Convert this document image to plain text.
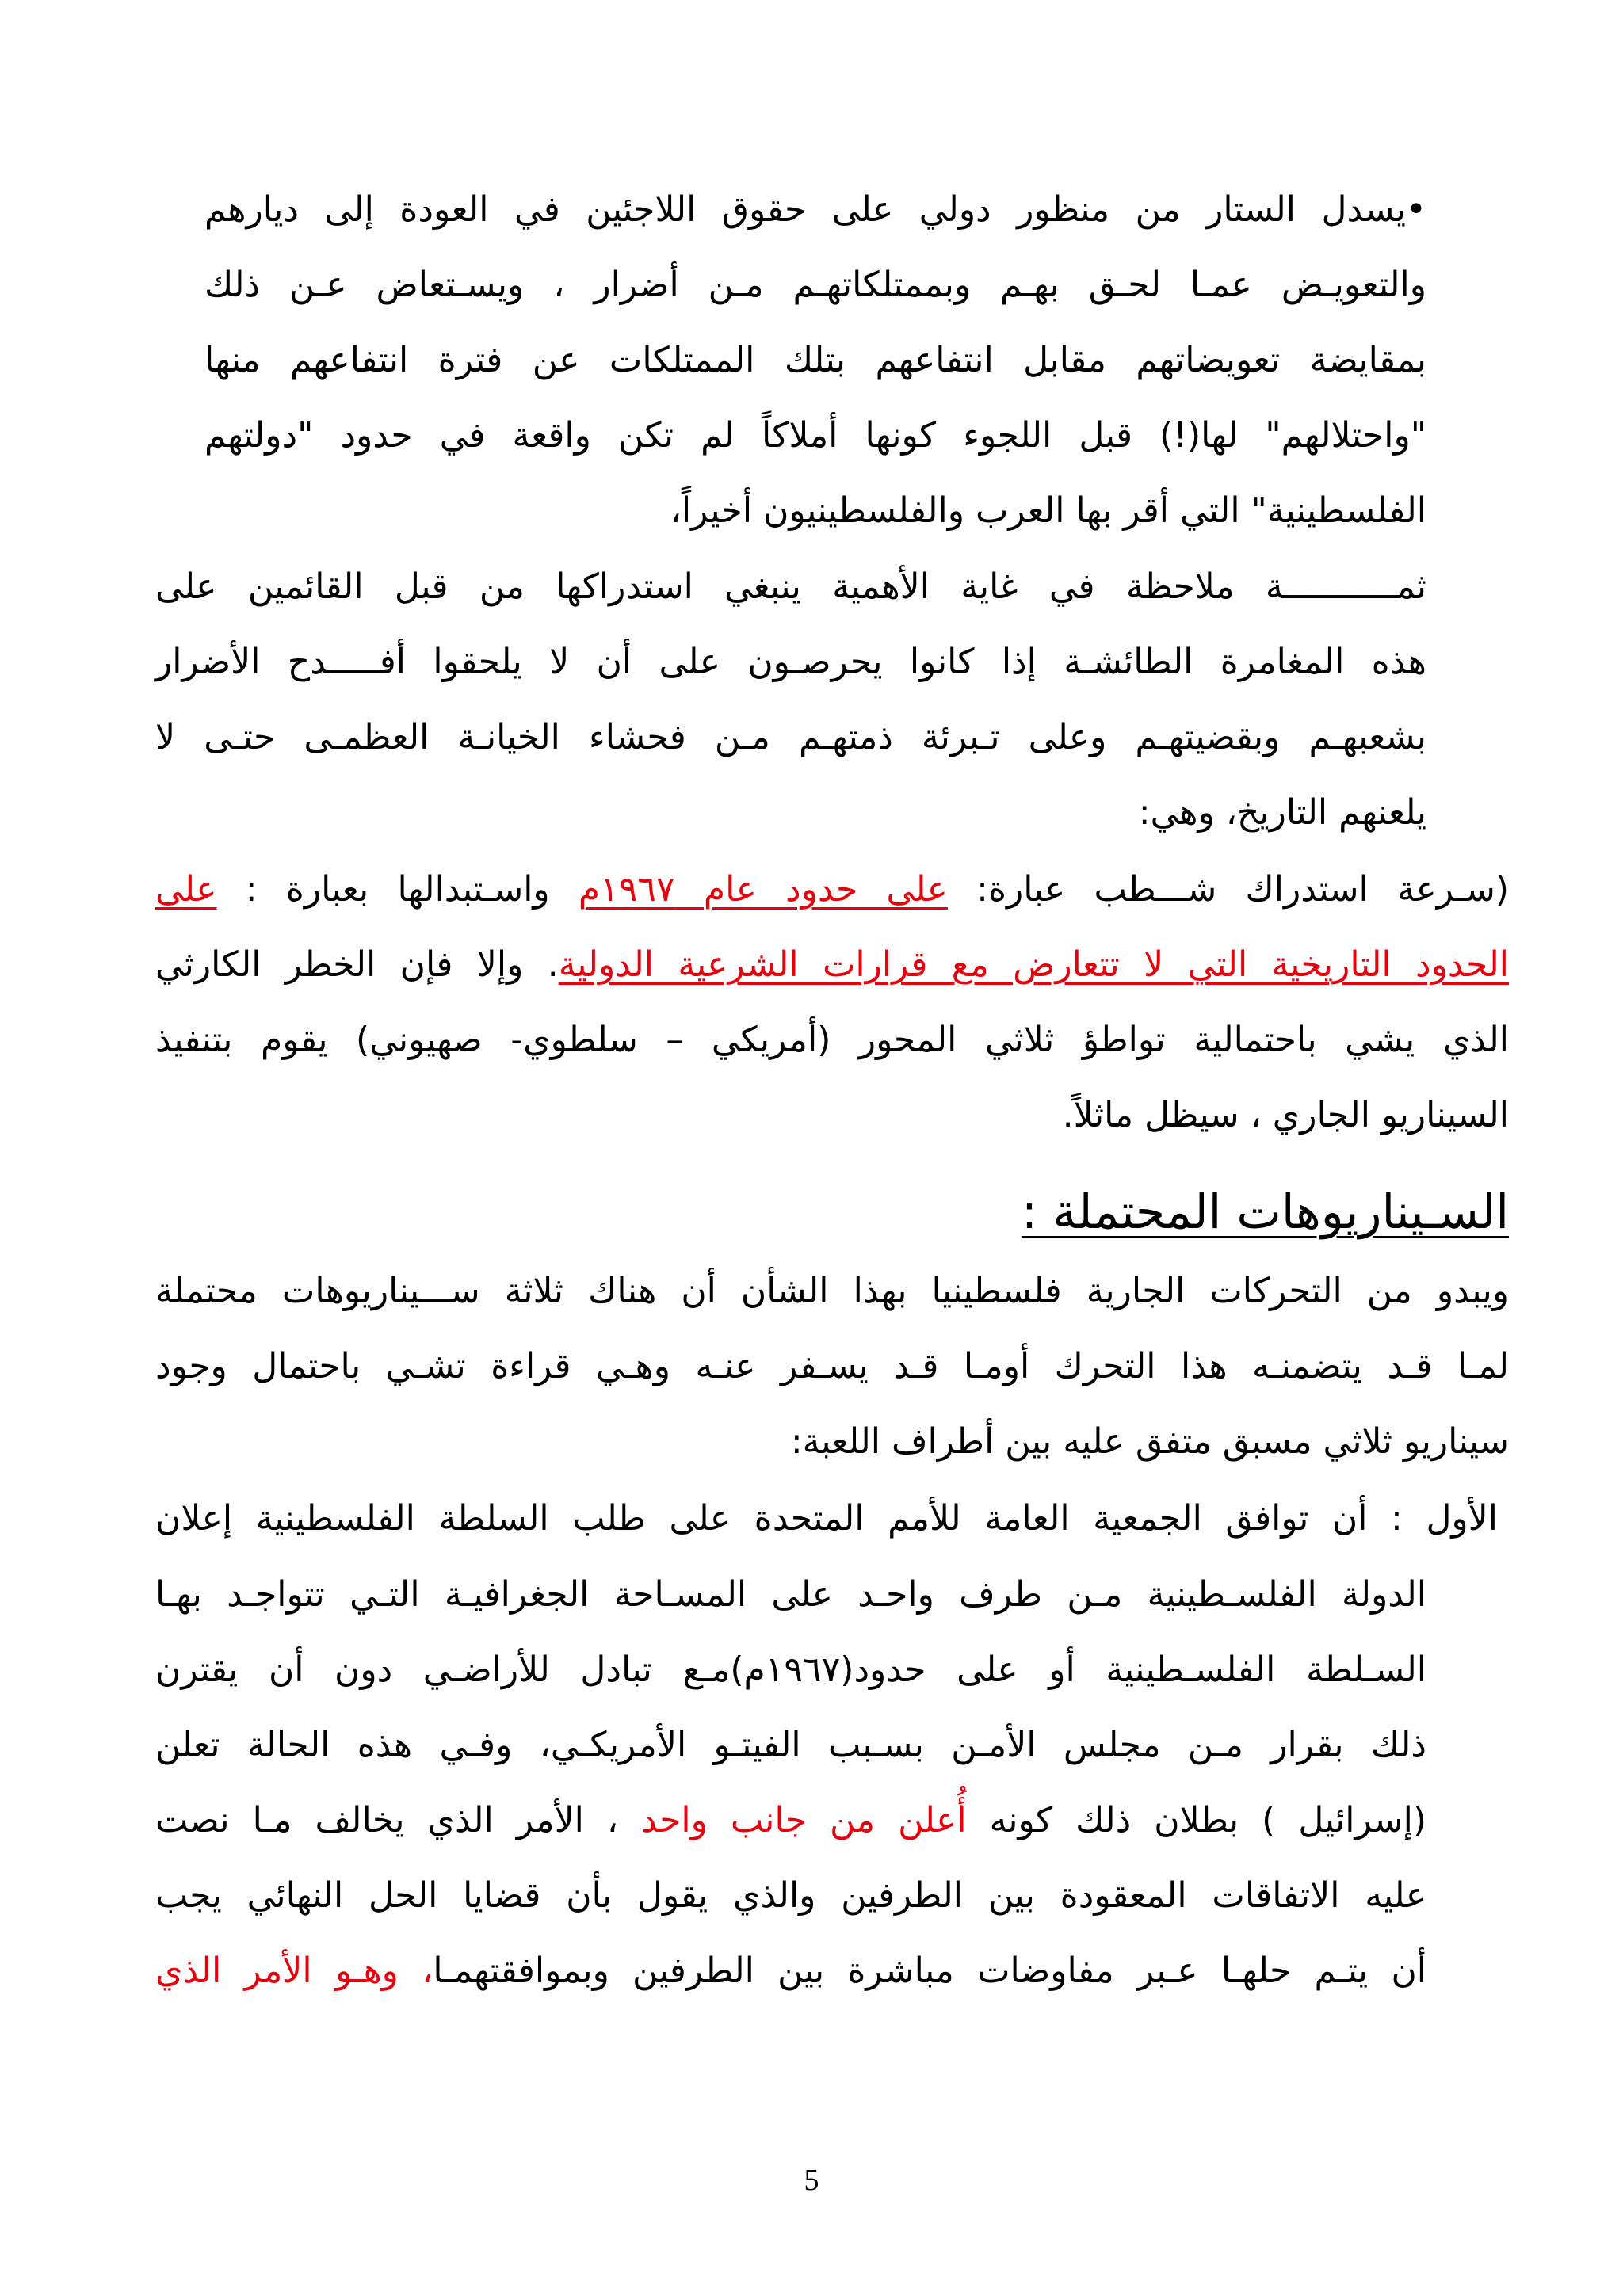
•يسدل الستار من منظور دولي على حقوق اللاجئين في العودة إلى ديارهم
والتعويـض عمـا لحـق بهـم وبممتلكاتهـم مـن أضرار ، ويسـتعاض عـن ذلك
بمقايضة تعويضاتهم مقابل انتفاعهم بتلك الممتلكات عن فترة انتفاعهم منها
"واحتلالهم" لها(!) قبل اللجوء كونها أملاكاً لم تكن واقعة في حدود "دولتهم
الفلسطينية" التي أقر بها العرب والفلسطينيون أخيراً،
ثمـــــــــــة ملاحظة في غاية الأهمية ينبغي استدراكها من قبل القائمين على
هذه المغامرة الطائشـة إذا كانوا يحرصـون على أن لا يلحقوا أفـــــدح الأضرار
بشعبهـم وبقضيتهـم وعلى تـبرئة ذمتهـم مـن فحشاء الخيانـة العظمـى حتـى لا
يلعنهم التاريخ، وهي:
(سـرعة استدراك شـــطب عبارة: على حدود عام ١٩٦٧م واسـتبدالها بعبارة : على
الحدود التاريخية التي لا تتعارض مع قرارات الشرعية الدولية. وإلا فإن الخطر الكارثي
الذي يشي باحتمالية تواطؤ ثلاثي المحور (أمريكي – سلطوي- صهيوني) يقوم بتنفيذ
السيناريو الجاري ، سيظل ماثلاً.
السـيناريوهات المحتملة :
ويبدو من التحركات الجارية فلسطينيا بهذا الشأن أن هناك ثلاثة ســـيناريوهات محتملة
لمـا قـد يتضمنـه هذا التحرك أومـا قـد يسـفر عنـه وهـي قراءة تشـي باحتمال وجود
سيناريو ثلاثي مسبق متفق عليه بين أطراف اللعبة:
الأول : أن توافق الجمعية العامة للأمم المتحدة على طلب السلطة الفلسطينية إعلان
الدولة الفلسـطينية مـن طرف واحـد على المسـاحة الجغرافيـة التـي تتواجـد بهـا
السـلطة الفلسـطينية أو على حدود(١٩٦٧م)مـع تبادل للأراضـي دون أن يقترن
ذلك بقرار مـن مجلس الأمـن بسـبب الفيتـو الأمريكـي، وفـي هذه الحالة تعلن
(إسرائيل ) بطلان ذلك كونه أُعلن من جانب واحد ، الأمر الذي يخالف مـا نصت
عليه الاتفاقات المعقودة بين الطرفين والذي يقول بأن قضايا الحل النهائي يجب
أن يتـم حلهـا عـبر مفاوضات مباشرة بين الطرفين وبموافقتهمـا، وهـو الأمر الذي
5
